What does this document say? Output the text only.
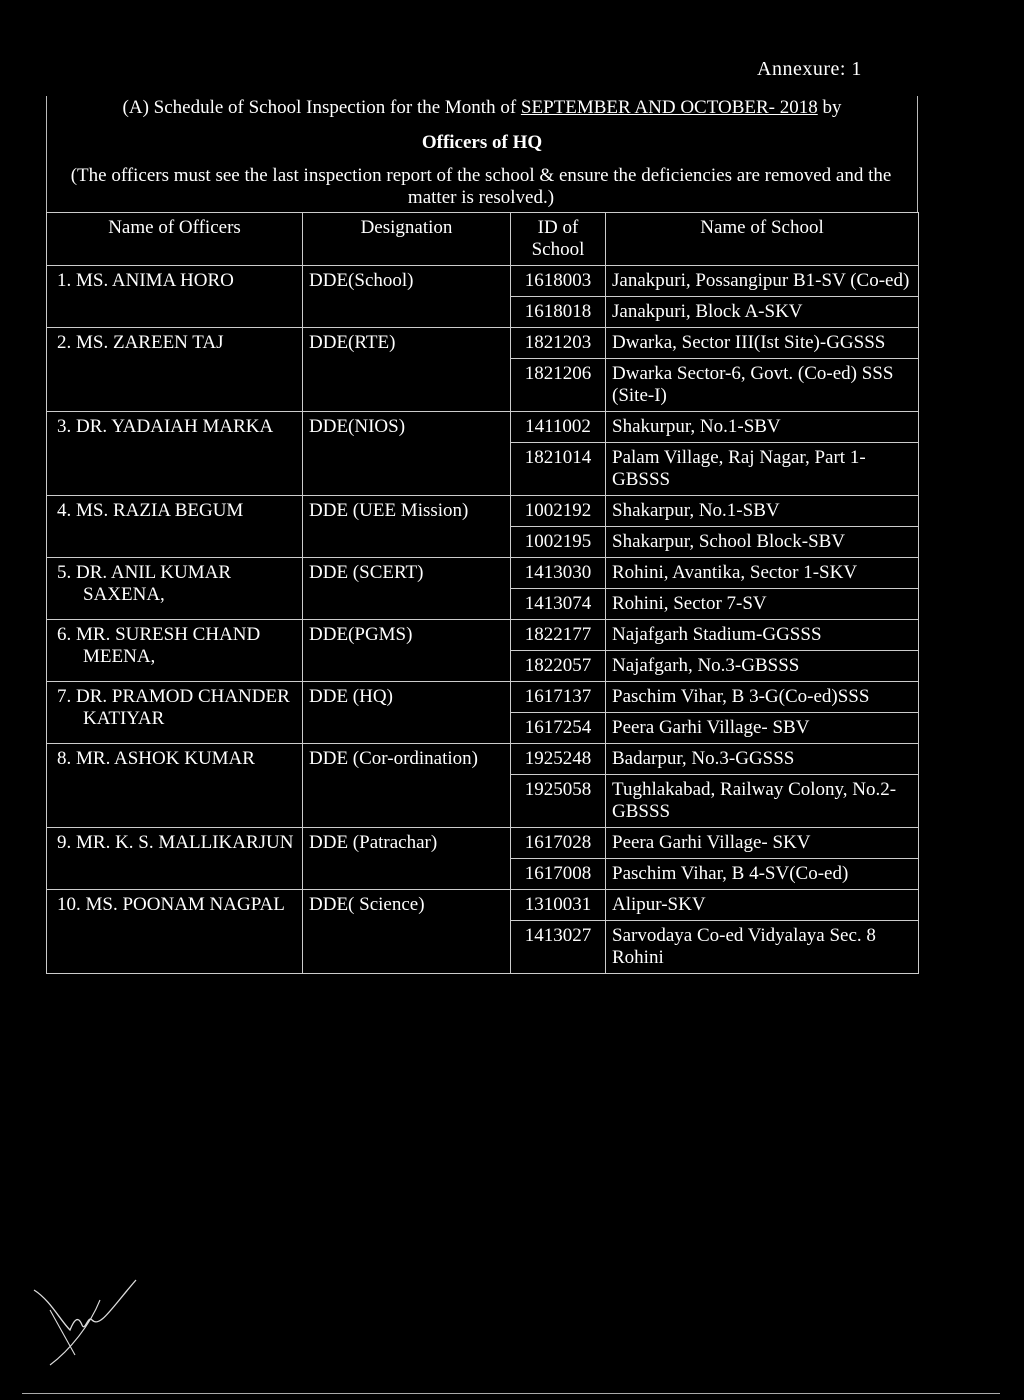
Annexure: 1
(A) Schedule of School Inspection for the Month of SEPTEMBER AND OCTOBER- 2018 by
Officers of HQ
(The officers must see the last inspection report of the school & ensure the deficiencies are removed and the matter is resolved.)
Name of Officers	Designation	ID of School	Name of School
1. MS. ANIMA HORO	DDE(School)	1618003	Janakpuri, Possangipur B1-SV (Co-ed)
		1618018	Janakpuri, Block A-SKV
2. MS. ZAREEN TAJ	DDE(RTE)	1821203	Dwarka, Sector III(Ist Site)-GGSSS
		1821206	Dwarka Sector-6, Govt. (Co-ed) SSS (Site-I)
3. DR. YADAIAH MARKA	DDE(NIOS)	1411002	Shakurpur, No.1-SBV
		1821014	Palam Village, Raj Nagar, Part 1-GBSSS
4. MS. RAZIA BEGUM	DDE (UEE Mission)	1002192	Shakarpur, No.1-SBV
		1002195	Shakarpur, School Block-SBV
5. DR. ANIL KUMAR SAXENA,	DDE (SCERT)	1413030	Rohini, Avantika, Sector 1-SKV
		1413074	Rohini, Sector 7-SV
6. MR. SURESH CHAND MEENA,	DDE(PGMS)	1822177	Najafgarh Stadium-GGSSS
		1822057	Najafgarh, No.3-GBSSS
7. DR. PRAMOD CHANDER KATIYAR	DDE (HQ)	1617137	Paschim Vihar, B 3-G(Co-ed)SSS
		1617254	Peera Garhi Village- SBV
8. MR. ASHOK KUMAR	DDE (Cor-ordination)	1925248	Badarpur, No.3-GGSSS
		1925058	Tughlakabad, Railway Colony, No.2-GBSSS
9. MR. K. S. MALLIKARJUN	DDE (Patrachar)	1617028	Peera Garhi Village- SKV
		1617008	Paschim Vihar, B 4-SV(Co-ed)
10. MS. POONAM NAGPAL	DDE( Science)	1310031	Alipur-SKV
		1413027	Sarvodaya Co-ed Vidyalaya Sec. 8 Rohini
